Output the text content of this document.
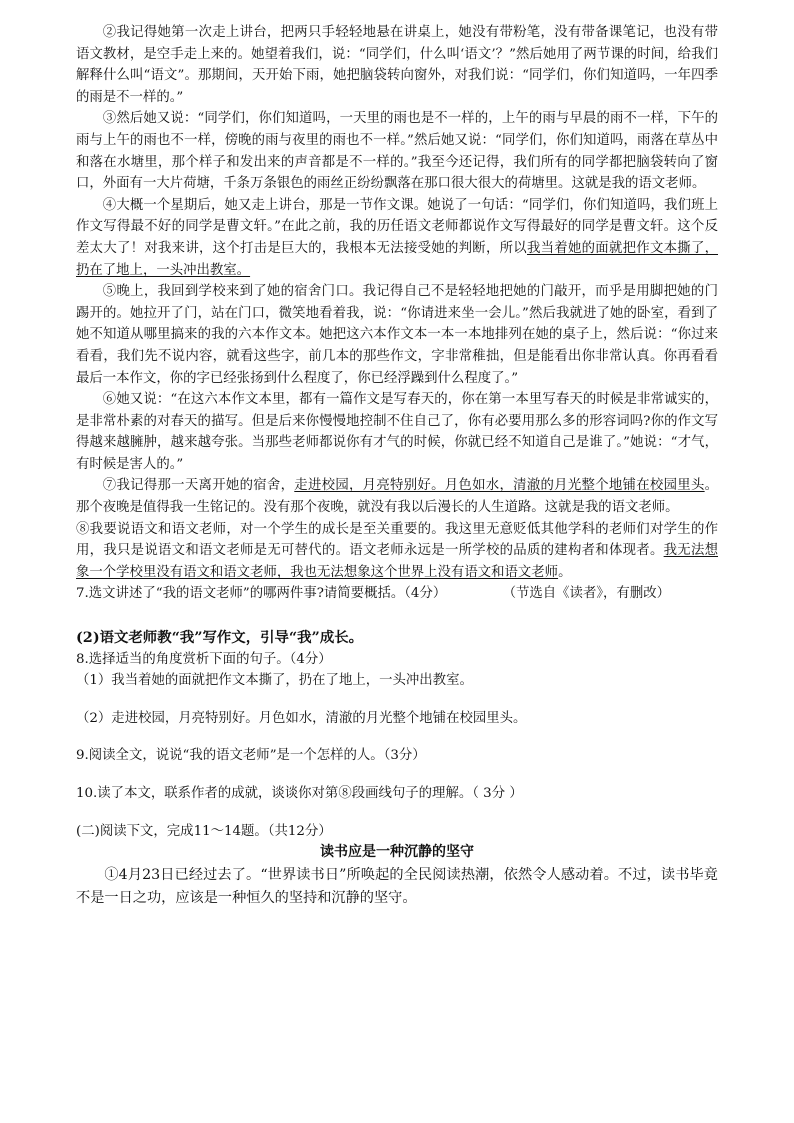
②我记得她第一次走上讲台，把两只手轻轻地悬在讲桌上，她没有带粉笔，没有带备课笔记，也没有带语文教材，是空手走上来的。她望着我们，说：“同学们，什么叫‘语文’？”然后她用了两节课的时间，给我们解释什么叫“语文”。那期间，天开始下雨，她把脑袋转向窗外，对我们说：“同学们，你们知道吗，一年四季的雨是不一样的。”

③然后她又说：“同学们，你们知道吗，一天里的雨也是不一样的，上午的雨与早晨的雨不一样，下午的雨与上午的雨也不一样，傍晚的雨与夜里的雨也不一样。”然后她又说：“同学们，你们知道吗，雨落在草丛中和落在水塘里，那个样子和发出来的声音都是不一样的。”我至今还记得，我们所有的同学都把脑袋转向了窗口，外面有一大片荷塘，千条万条银色的雨丝正纷纷飘落在那口很大很大的荷塘里。这就是我的语文老师。

④大概一个星期后，她又走上讲台，那是一节作文课。她说了一句话：“同学们，你们知道吗，我们班上作文写得最不好的同学是曹文轩。”在此之前，我的历任语文老师都说作文写得最好的同学是曹文轩。这个反差太大了！对我来讲，这个打击是巨大的，我根本无法接受她的判断，所以我当着她的面就把作文本撕了，扔在了地上，一头冲出教室。

⑤晚上，我回到学校来到了她的宿舍门口。我记得自己不是轻轻地把她的门敲开，而乎是用脚把她的门踢开的。她拉开了门，站在门口，微笑地看着我，说：“你请进来坐一会儿。”然后我就进了她的卧室，看到了她不知道从哪里搞来的我的六本作文本。她把这六本作文本一本一本地排列在她的桌子上，然后说：“你过来看看，我们先不说内容，就看这些字，前几本的那些作文，字非常稚拙，但是能看出你非常认真。你再看看最后一本作文，你的字已经张扬到什么程度了，你已经浮躁到什么程度了。”

⑥她又说：“在这六本作文本里，都有一篇作文是写春天的，你在第一本里写春天的时候是非常诚实的，是非常朴素的对春天的描写。但是后来你慢慢地控制不住自己了，你有必要用那么多的形容词吗?你的作文写得越来越臃肿，越来越夸张。当那些老师都说你有才气的时候，你就已经不知道自己是谁了。”她说：“才气，有时候是害人的。”

⑦我记得那一天离开她的宿舍，走进校园，月亮特别好。月色如水，清澈的月光整个地铺在校园里头。那个夜晚是值得我一生铭记的。没有那个夜晚，就没有我以后漫长的人生道路。这就是我的语文老师。

⑧我要说语文和语文老师，对一个学生的成长是至关重要的。我这里无意贬低其他学科的老师们对学生的作用，我只是说语文和语文老师是无可替代的。语文老师永远是一所学校的品质的建构者和体现者。我无法想象一个学校里没有语文和语文老师，我也无法想象这个世界上没有语文和语文老师。
（节选自《读者》，有删改）

7.选文讲述了“我的语文老师”的哪两件事?请简要概括。（4分）

(2)语文老师教“我”写作文，引导“我”成长。

8.选择适当的角度赏析下面的句子。（4分）

（1）我当着她的面就把作文本撕了，扔在了地上，一头冲出教室。

（2）走进校园，月亮特别好。月色如水，清澈的月光整个地铺在校园里头。

9.阅读全文，说说“我的语文老师”是一个怎样的人。（3分）

10.读了本文，联系作者的成就，谈谈你对第⑧段画线句子的理解。（ 3分 ）

(二)阅读下文，完成11～14题。（共12分）

读书应是一种沉静的坚守

①4月23日已经过去了。“世界读书日”所唤起的全民阅读热潮，依然令人感动着。不过，读书毕竟不是一日之功，应该是一种恒久的坚持和沉静的坚守。
